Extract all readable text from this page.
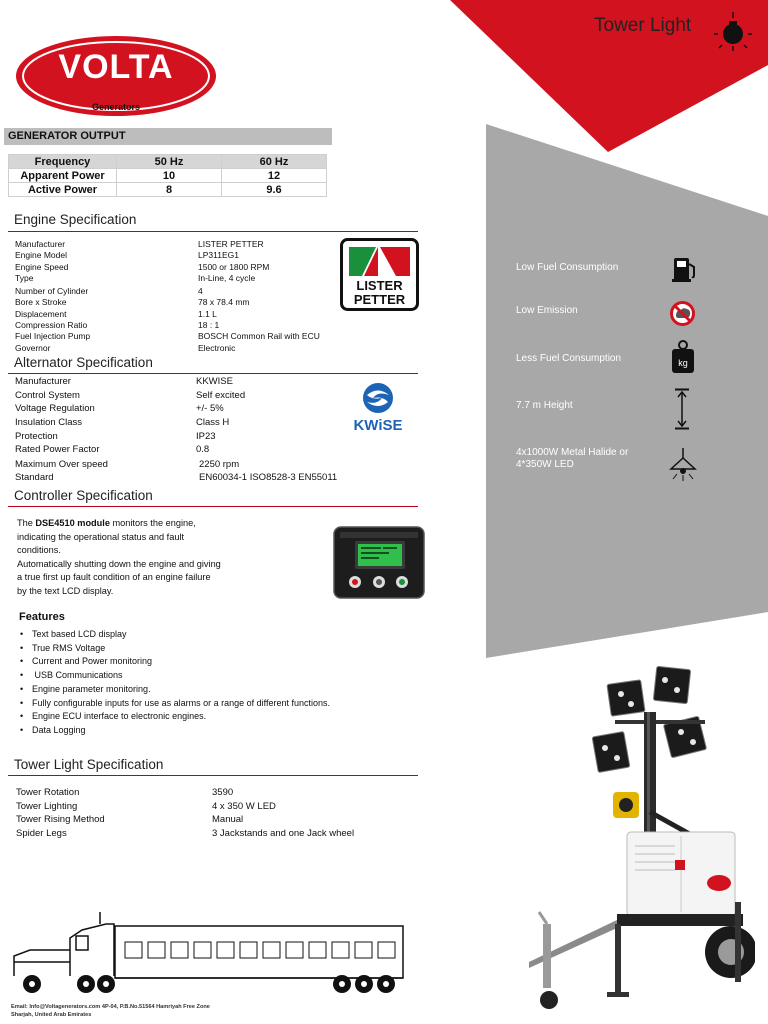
VOLTA
Generators
Tower Light
GENERATOR OUTPUT
Frequency	50 Hz	60 Hz
Apparent Power	10	12
Active Power	8	9.6
Engine Specification
Manufacturer	LISTER PETTER
Engine Model	LP311EG1
Engine Speed	1500 or 1800 RPM
Type	In-Line, 4 cycle
Number of Cylinder	4
Bore x Stroke	78 x 78.4 mm
Displacement	1.1 L
Compression Ratio	18 : 1
Fuel Injection Pump	BOSCH Common Rail with ECU
Governor	Electronic
LISTER
PETTER
Alternator Specification
Manufacturer	KKWISE
Control System	Self excited
Voltage Regulation	+/- 5%
Insulation Class	Class H
Protection	IP23
Rated Power Factor	0.8
Maximum Over speed	2250 rpm
Standard	EN60034-1 ISO8528-3 EN55011
KWiSE
Controller Specification

The DSE4510 module monitors the engine, indicating the operational status and fault conditions.

Automatically shutting down the engine and giving a true first up fault condition of an engine failure by the text LCD display.

Features
• Text based LCD display
• True RMS Voltage
• Current and Power monitoring
•  USB Communications
• Engine parameter monitoring.
• Fully configurable inputs for use as alarms or a range of different functions.
• Engine ECU interface to electronic engines.
• Data Logging
Tower Light Specification
Tower Rotation	3590
Tower Lighting	4 x 350 W LED
Tower Rising Method	Manual
Spider Legs	3 Jackstands and one Jack wheel
Low Fuel Consumption
Low Emission
Less Fuel Consumption	kg
7.7 m Height
4x1000W Metal Halide or 4*350W LED
Email: Info@Voltagenerators.com 4P-04, P.B.No.51564 Hamriyah Free Zone
Sharjah, United Arab Emirates
